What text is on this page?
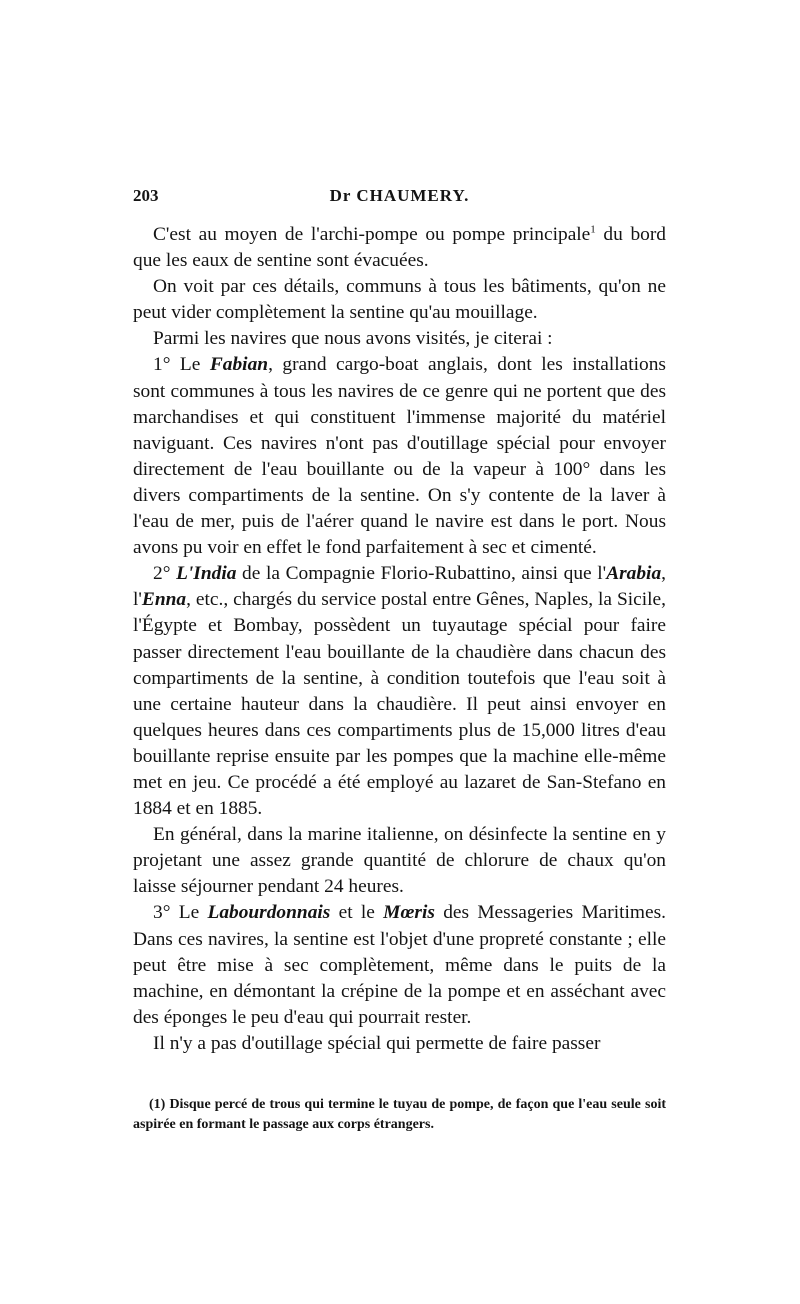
203	Dr CHAUMERY.

C'est au moyen de l'archi-pompe ou pompe principale$^1$ du bord que les eaux de sentine sont évacuées.

On voit par ces détails, communs à tous les bâtiments, qu'on ne peut vider complètement la sentine qu'au mouillage.

Parmi les navires que nous avons visités, je citerai :

1° Le Fabian, grand cargo-boat anglais, dont les installations sont communes à tous les navires de ce genre qui ne portent que des marchandises et qui constituent l'immense majorité du matériel naviguant. Ces navires n'ont pas d'outillage spécial pour envoyer directement de l'eau bouillante ou de la vapeur à 100° dans les divers compartiments de la sentine. On s'y contente de la laver à l'eau de mer, puis de l'aérer quand le navire est dans le port. Nous avons pu voir en effet le fond parfaitement à sec et cimenté.

2° L'India de la Compagnie Florio-Rubattino, ainsi que l'Arabia, l'Enna, etc., chargés du service postal entre Gênes, Naples, la Sicile, l'Égypte et Bombay, possèdent un tuyautage spécial pour faire passer directement l'eau bouillante de la chaudière dans chacun des compartiments de la sentine, à condition toutefois que l'eau soit à une certaine hauteur dans la chaudière. Il peut ainsi envoyer en quelques heures dans ces compartiments plus de 15,000 litres d'eau bouillante reprise ensuite par les pompes que la machine elle-même met en jeu. Ce procédé a été employé au lazaret de San-Stefano en 1884 et en 1885.

En général, dans la marine italienne, on désinfecte la sentine en y projetant une assez grande quantité de chlorure de chaux qu'on laisse séjourner pendant 24 heures.

3° Le Labourdonnais et le Mœris des Messageries Maritimes. Dans ces navires, la sentine est l'objet d'une propreté constante ; elle peut être mise à sec complètement, même dans le puits de la machine, en démontant la crépine de la pompe et en asséchant avec des éponges le peu d'eau qui pourrait rester.

Il n'y a pas d'outillage spécial qui permette de faire passer

(1) Disque percé de trous qui termine le tuyau de pompe, de façon que l'eau seule soit aspirée en formant le passage aux corps étrangers.
